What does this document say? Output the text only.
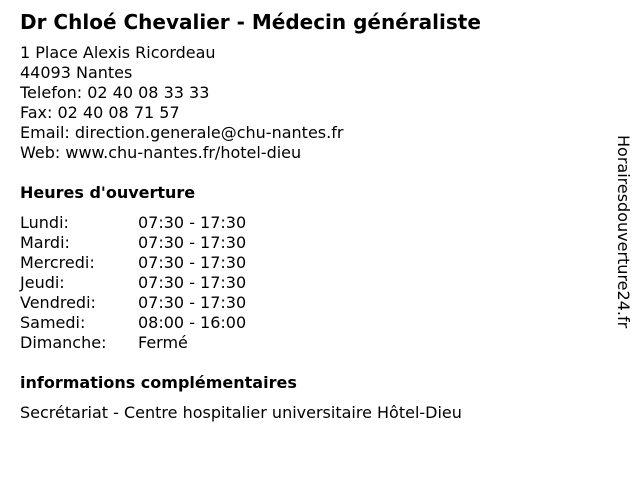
Dr Chloé Chevalier - Médecin généraliste
1 Place Alexis Ricordeau
44093 Nantes
Telefon: 02 40 08 33 33
Fax: 02 40 08 71 57
Email: direction.generale@chu-nantes.fr
Web: www.chu-nantes.fr/hotel-dieu
Heures d'ouverture
Lundi:	07:30 - 17:30
Mardi:	07:30 - 17:30
Mercredi:	07:30 - 17:30
Jeudi:	07:30 - 17:30
Vendredi:	07:30 - 17:30
Samedi:	08:00 - 16:00
Dimanche: Fermé
informations complémentaires
Secrétariat - Centre hospitalier universitaire Hôtel-Dieu
Horairesdouverture24.fr
